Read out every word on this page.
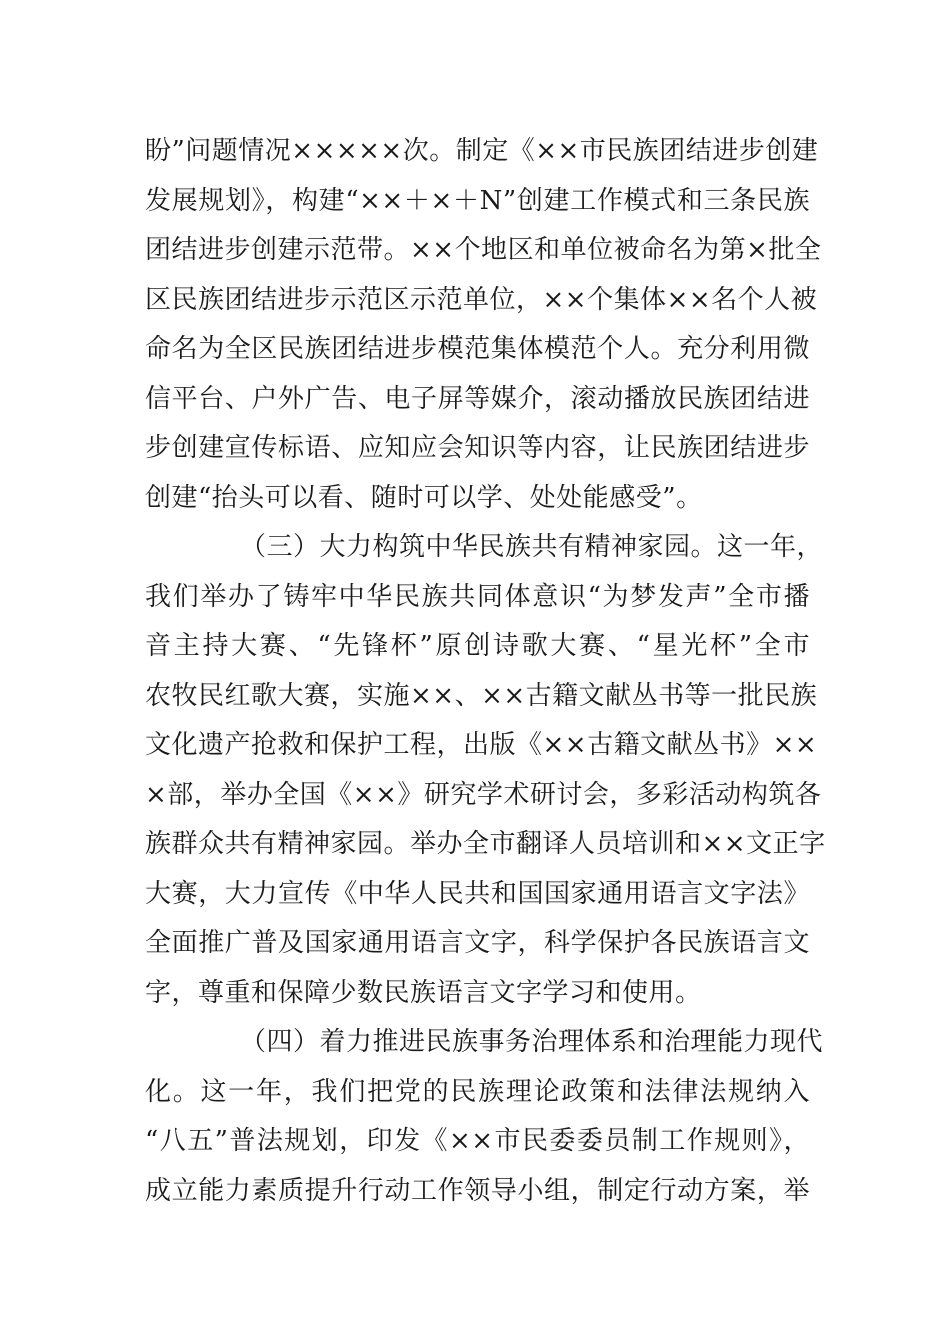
盼”问题情况×××××次。制定《××市民族团结进步创建
发展规划》，构建“××＋×＋N”创建工作模式和三条民族
团结进步创建示范带。××个地区和单位被命名为第×批全
区民族团结进步示范区示范单位，××个集体××名个人被
命名为全区民族团结进步模范集体模范个人。充分利用微
信平台、户外广告、电子屏等媒介，滚动播放民族团结进
步创建宣传标语、应知应会知识等内容，让民族团结进步
创建“抬头可以看、随时可以学、处处能感受”。
（三）大力构筑中华民族共有精神家园。这一年，
我们举办了铸牢中华民族共同体意识“为梦发声”全市播
音主持大赛、“先锋杯”原创诗歌大赛、“星光杯”全市
农牧民红歌大赛，实施××、××古籍文献丛书等一批民族
文化遗产抢救和保护工程，出版《××古籍文献丛书》××
×部，举办全国《××》研究学术研讨会，多彩活动构筑各
族群众共有精神家园。举办全市翻译人员培训和××文正字
大赛，大力宣传《中华人民共和国国家通用语言文字法》
全面推广普及国家通用语言文字，科学保护各民族语言文
字，尊重和保障少数民族语言文字学习和使用。
（四）着力推进民族事务治理体系和治理能力现代
化。这一年，我们把党的民族理论政策和法律法规纳入
“八五”普法规划，印发《××市民委委员制工作规则》，
成立能力素质提升行动工作领导小组，制定行动方案，举
